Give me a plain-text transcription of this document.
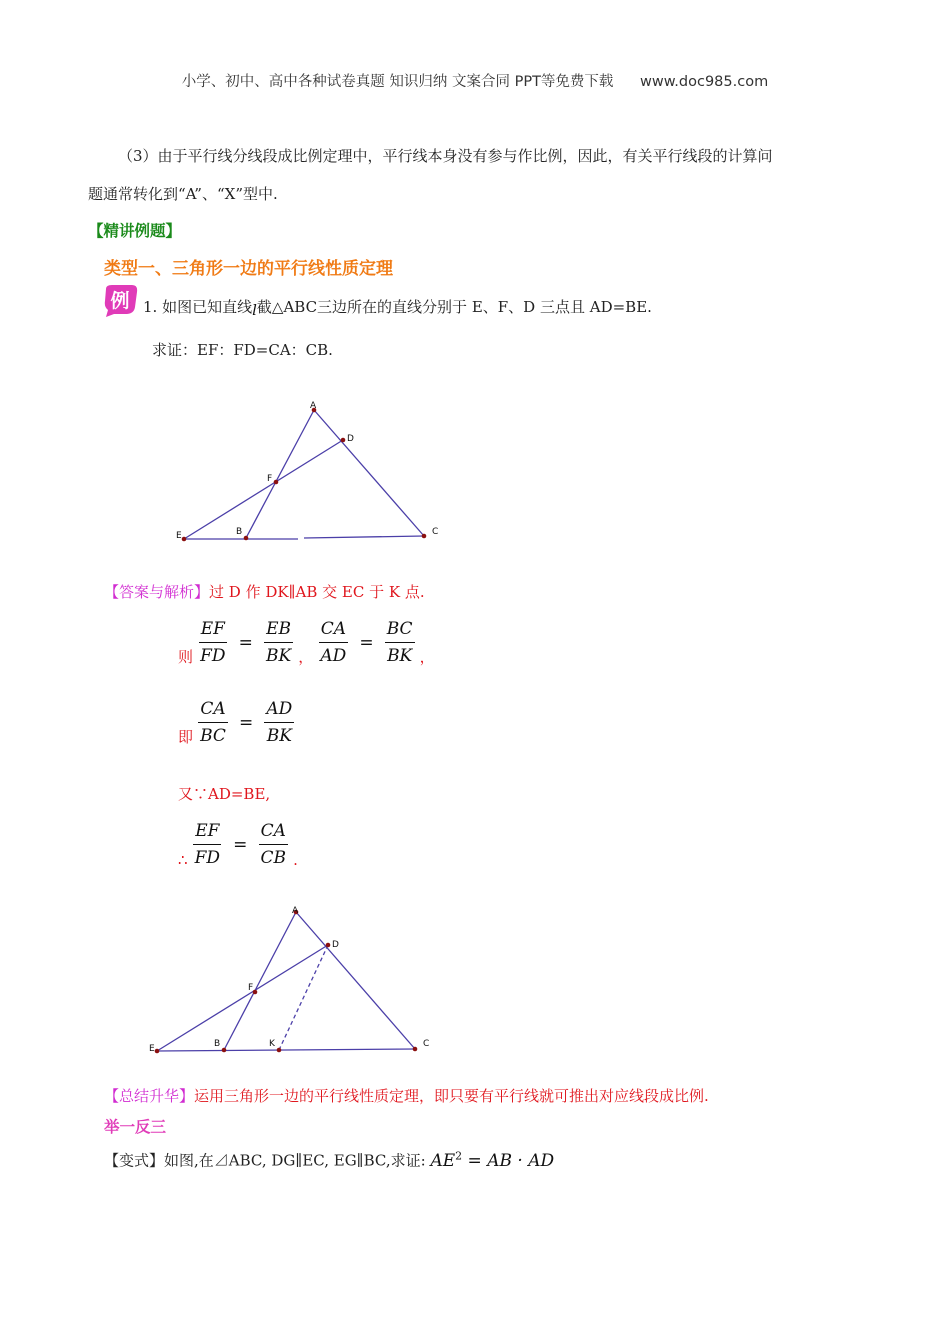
小学、初中、高中各种试卷真题 知识归纳 文案合同 PPT等免费下载 www.doc985.com
（3）由于平行线分线段成比例定理中，平行线本身没有参与作比例，因此，有关平行线段的计算问
题通常转化到“A”、“X”型中.
【精讲例题】
类型一、三角形一边的平行线性质定理
例 1. 如图已知直线l截△ABC三边所在的直线分别于 E、F、D 三点且 AD=BE.
求证：EF：FD=CA：CB.
A
D
F
E	B	C
【答案与解析】过 D 作 DK∥AB 交 EC 于 K 点.
则 $\frac{EF}{FD} = \frac{EB}{BK}$ ， $\frac{CA}{AD} = \frac{BC}{BK}$ ，
即 $\frac{CA}{BC} = \frac{AD}{BK}$
又∵AD=BE,
∴ $\frac{EF}{FD} = \frac{CA}{CB}$ .
A
D
F
E	B	K	C
【总结升华】运用三角形一边的平行线性质定理，即只要有平行线就可推出对应线段成比例.
举一反三
【变式】如图,在⊿ABC, DG∥EC, EG∥BC,求证: $AE^2$ = AB · AD
